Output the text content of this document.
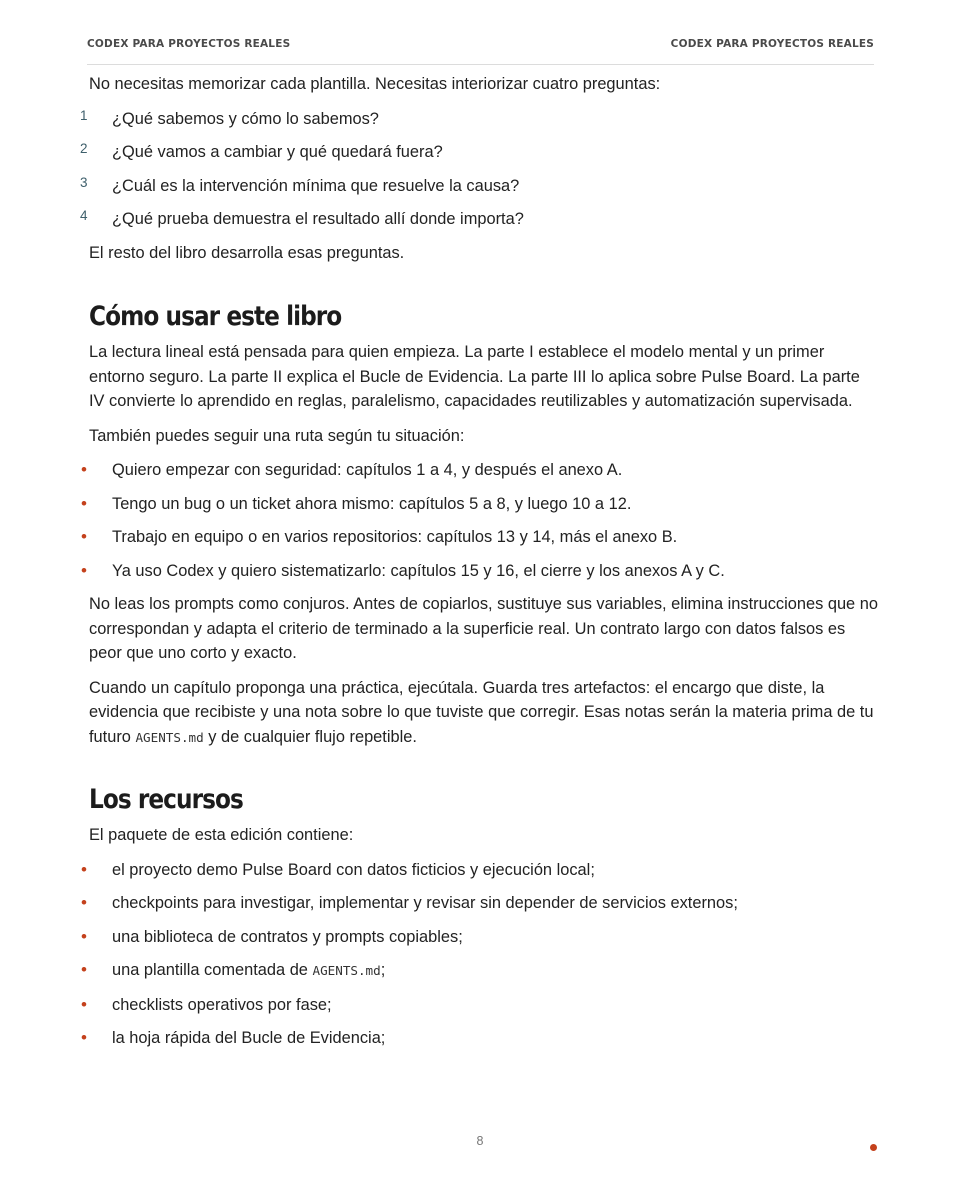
CODEX PARA PROYECTOS REALES	CODEX PARA PROYECTOS REALES

No necesitas memorizar cada plantilla. Necesitas interiorizar cuatro preguntas:

1 ¿Qué sabemos y cómo lo sabemos?
2 ¿Qué vamos a cambiar y qué quedará fuera?
3 ¿Cuál es la intervención mínima que resuelve la causa?
4 ¿Qué prueba demuestra el resultado allí donde importa?

El resto del libro desarrolla esas preguntas.

Cómo usar este libro

La lectura lineal está pensada para quien empieza. La parte I establece el modelo mental y un primer entorno seguro. La parte II explica el Bucle de Evidencia. La parte III lo aplica sobre Pulse Board. La parte IV convierte lo aprendido en reglas, paralelismo, capacidades reutilizables y automatización supervisada.

También puedes seguir una ruta según tu situación:

• Quiero empezar con seguridad: capítulos 1 a 4, y después el anexo A.
• Tengo un bug o un ticket ahora mismo: capítulos 5 a 8, y luego 10 a 12.
• Trabajo en equipo o en varios repositorios: capítulos 13 y 14, más el anexo B.
• Ya uso Codex y quiero sistematizarlo: capítulos 15 y 16, el cierre y los anexos A y C.

No leas los prompts como conjuros. Antes de copiarlos, sustituye sus variables, elimina instrucciones que no correspondan y adapta el criterio de terminado a la superficie real. Un contrato largo con datos falsos es peor que uno corto y exacto.

Cuando un capítulo proponga una práctica, ejecútala. Guarda tres artefactos: el encargo que diste, la evidencia que recibiste y una nota sobre lo que tuviste que corregir. Esas notas serán la materia prima de tu futuro AGENTS.md y de cualquier flujo repetible.

Los recursos

El paquete de esta edición contiene:

• el proyecto demo Pulse Board con datos ficticios y ejecución local;
• checkpoints para investigar, implementar y revisar sin depender de servicios externos;
• una biblioteca de contratos y prompts copiables;
• una plantilla comentada de AGENTS.md;
• checklists operativos por fase;
• la hoja rápida del Bucle de Evidencia;
8
